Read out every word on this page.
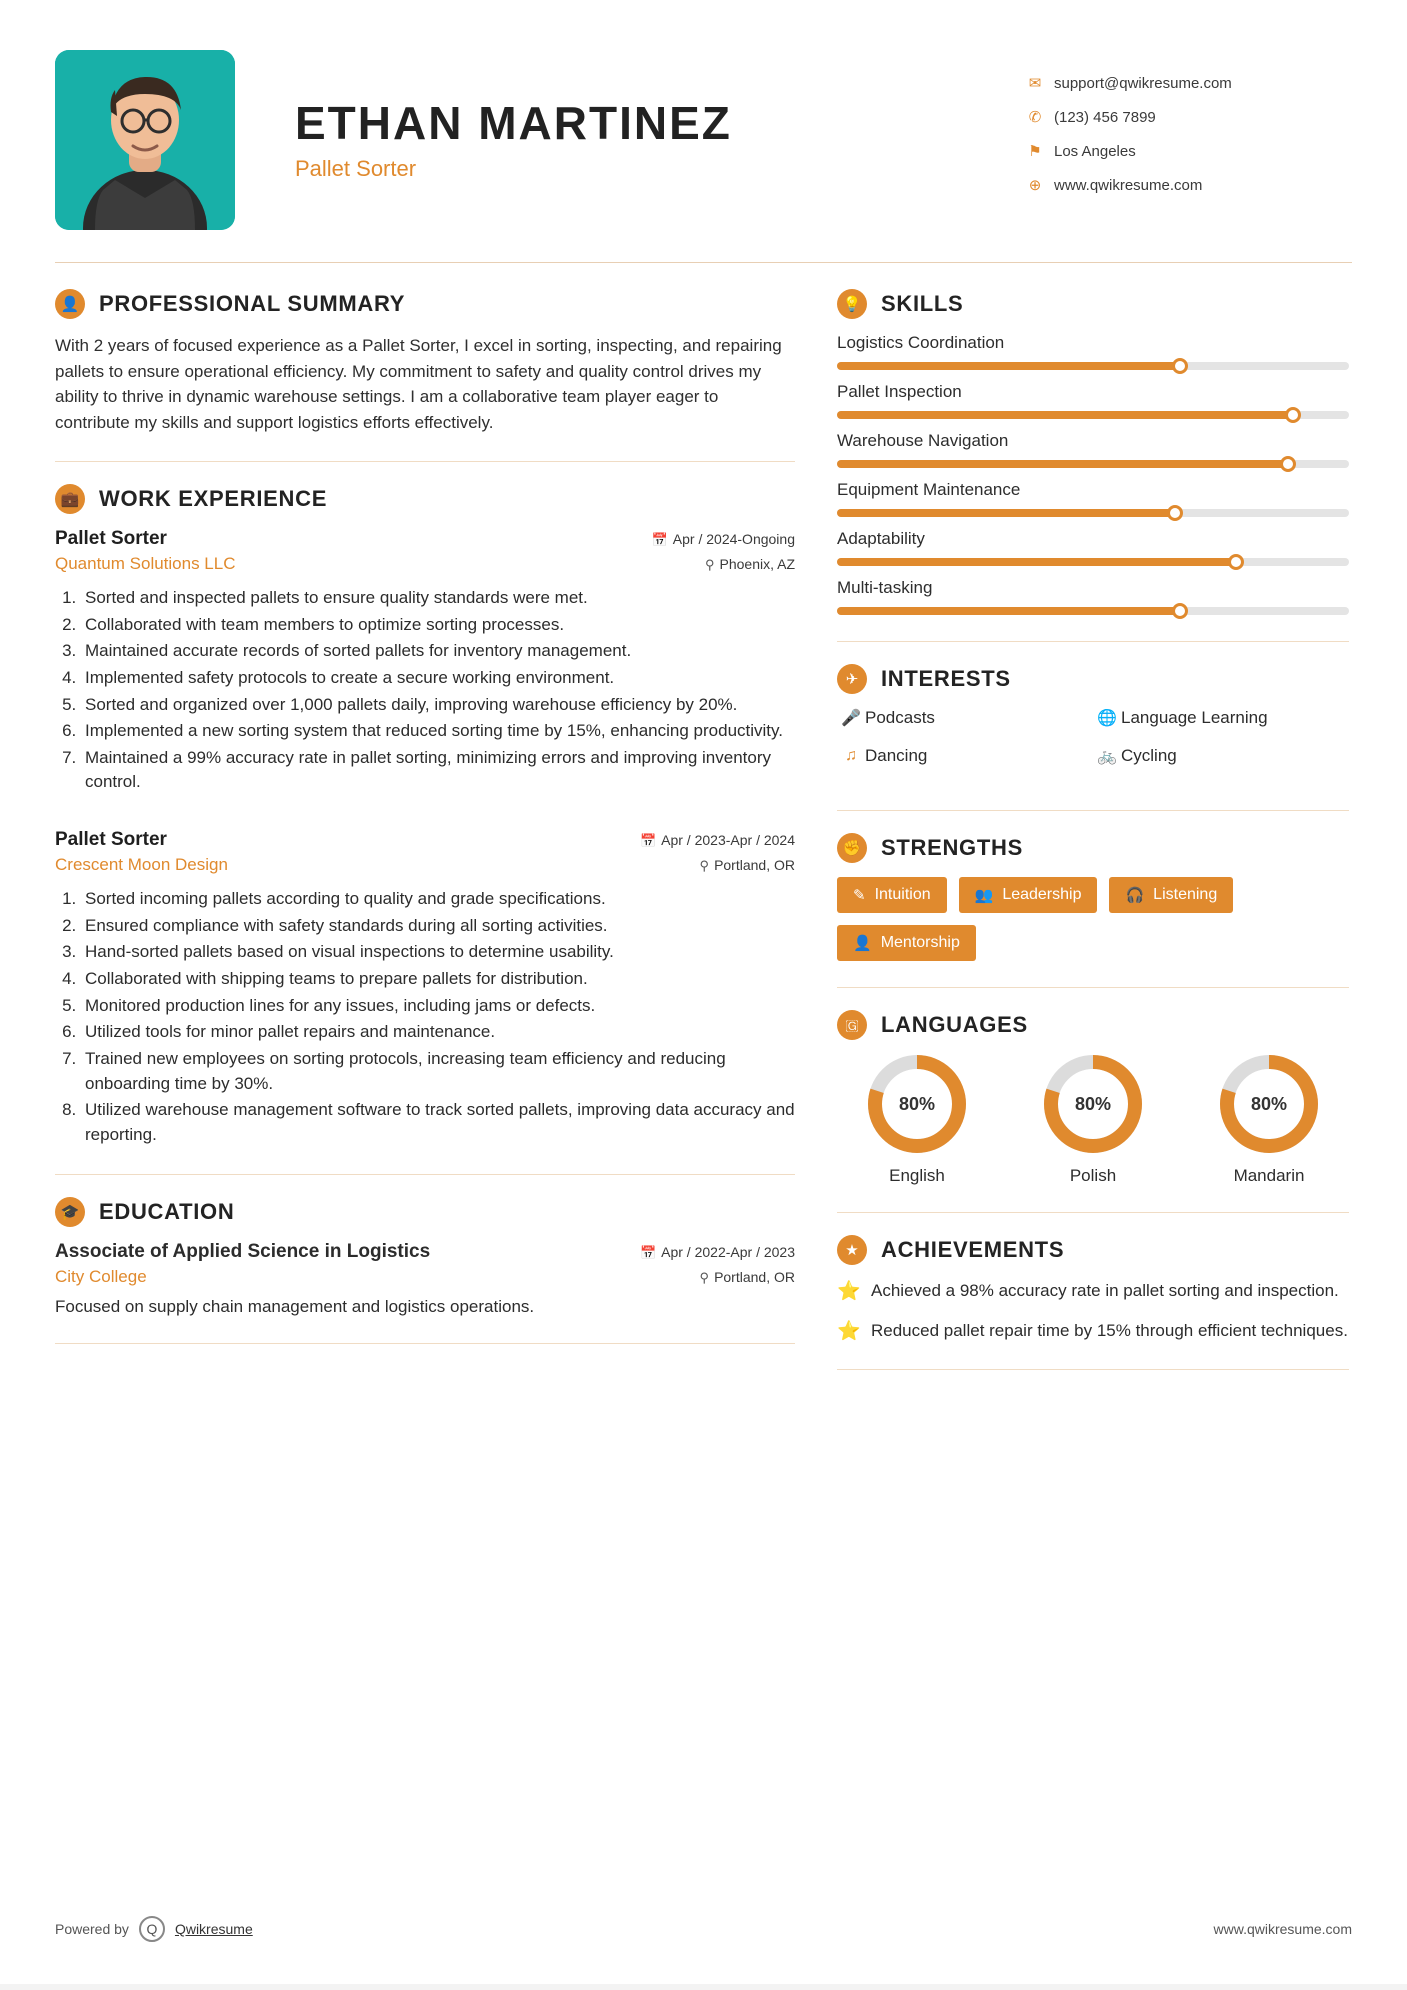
ETHAN MARTINEZ
Pallet Sorter
✉ support@qwikresume.com
✆ (123) 456 7899
⚑ Los Angeles
⊕ www.qwikresume.com
👤 PROFESSIONAL SUMMARY
With 2 years of focused experience as a Pallet Sorter, I excel in sorting, inspecting, and repairing pallets to ensure operational efficiency. My commitment to safety and quality control drives my ability to thrive in dynamic warehouse settings. I am a collaborative team player eager to contribute my skills and support logistics efforts effectively.
💼 WORK EXPERIENCE
Pallet Sorter	📅 Apr / 2024-Ongoing
Quantum Solutions LLC	⚲ Phoenix, AZ
1. Sorted and inspected pallets to ensure quality standards were met.
2. Collaborated with team members to optimize sorting processes.
3. Maintained accurate records of sorted pallets for inventory management.
4. Implemented safety protocols to create a secure working environment.
5. Sorted and organized over 1,000 pallets daily, improving warehouse efficiency by 20%.
6. Implemented a new sorting system that reduced sorting time by 15%, enhancing productivity.
7. Maintained a 99% accuracy rate in pallet sorting, minimizing errors and improving inventory control.
Pallet Sorter	📅 Apr / 2023-Apr / 2024
Crescent Moon Design	⚲ Portland, OR
1. Sorted incoming pallets according to quality and grade specifications.
2. Ensured compliance with safety standards during all sorting activities.
3. Hand-sorted pallets based on visual inspections to determine usability.
4. Collaborated with shipping teams to prepare pallets for distribution.
5. Monitored production lines for any issues, including jams or defects.
6. Utilized tools for minor pallet repairs and maintenance.
7. Trained new employees on sorting protocols, increasing team efficiency and reducing onboarding time by 30%.
8. Utilized warehouse management software to track sorted pallets, improving data accuracy and reporting.
🎓 EDUCATION
Associate of Applied Science in Logistics	📅 Apr / 2022-Apr / 2023
City College	⚲ Portland, OR
Focused on supply chain management and logistics operations.
💡 SKILLS
Logistics Coordination
Pallet Inspection
Warehouse Navigation
Equipment Maintenance
Adaptability
Multi-tasking
✈	INTERESTS
🎤 Podcasts	🌐 Language Learning
♫ Dancing	🚲 Cycling
✊ STRENGTHS
✎ Intuition	👥 Leadership	🎧 Listening
👤 Mentorship
🇬	LANGUAGES
80%
English
80%
Polish
80%
Mandarin
★	ACHIEVEMENTS
⭐ Achieved a 98% accuracy rate in pallet sorting and inspection.
⭐ Reduced pallet repair time by 15% through efficient techniques.
Powered by	Q	Qwikresume	www.qwikresume.com
